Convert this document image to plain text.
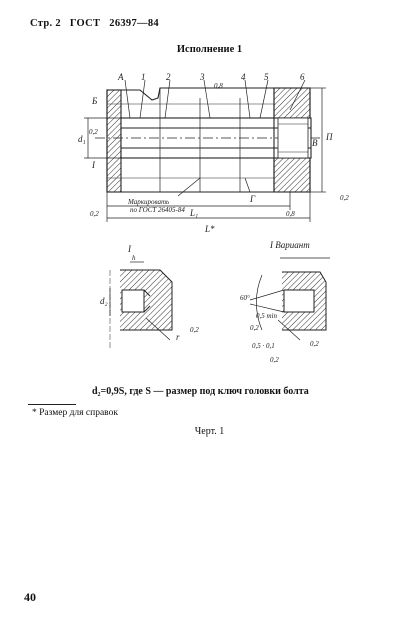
Стр. 2 ГОСТ 26397—84
Исполнение 1
A 1 2	3	4 5	6
0,8
Б
В
d₁
0,2
I
П
Г
Маркировать
по ГОСТ 26405-84 L₁
L*
0,2	0,8
0,2
I
h
d₂
r
0,2
I Вариант
60°
0,5 min
0,2
0,5 · 0,1	0,2
0,2
d₂=0,9S, где S — размер под ключ головки болта
* Размер для справок
Черт. 1
40
